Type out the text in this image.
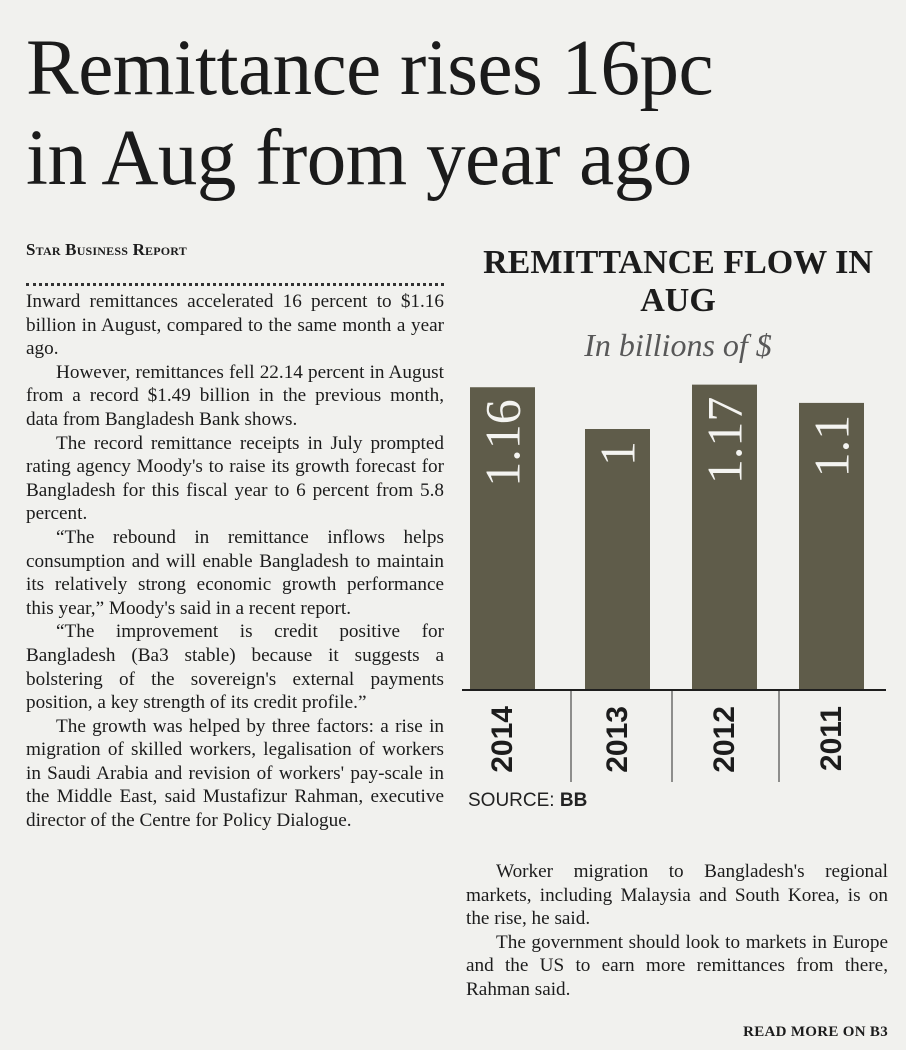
Remittance rises 16pc
in Aug from year ago
Star Business Report

Inward remittances accelerated 16 percent to $1.16 billion in August, compared to the same month a year ago.

However, remittances fell 22.14 percent in August from a record $1.49 billion in the previous month, data from Bangladesh Bank shows.

The record remittance receipts in July prompted rating agency Moody's to raise its growth forecast for Bangladesh for this fiscal year to 6 percent from 5.8 percent.

“The rebound in remittance inflows helps consumption and will enable Bangladesh to maintain its relatively strong economic growth performance this year,” Moody's said in a recent report.

“The improvement is credit positive for Bangladesh (Ba3 stable) because it suggests a bolstering of the sovereign's external payments position, a key strength of its credit profile.”

The growth was helped by three factors: a rise in migration of skilled workers, legalisation of workers in Saudi Arabia and revision of workers' pay-scale in the Middle East, said Mustafizur Rahman, executive director of the Centre for Policy Dialogue.

REMITTANCE FLOW IN AUG
In billions of $
1.16
2014
1
2013
1.17
2012
1.1
2011
SOURCE: BB

Worker migration to Bangladesh's regional markets, including Malaysia and South Korea, is on the rise, he said.

The government should look to markets in Europe and the US to earn more remittances from there, Rahman said.

READ MORE ON B3
